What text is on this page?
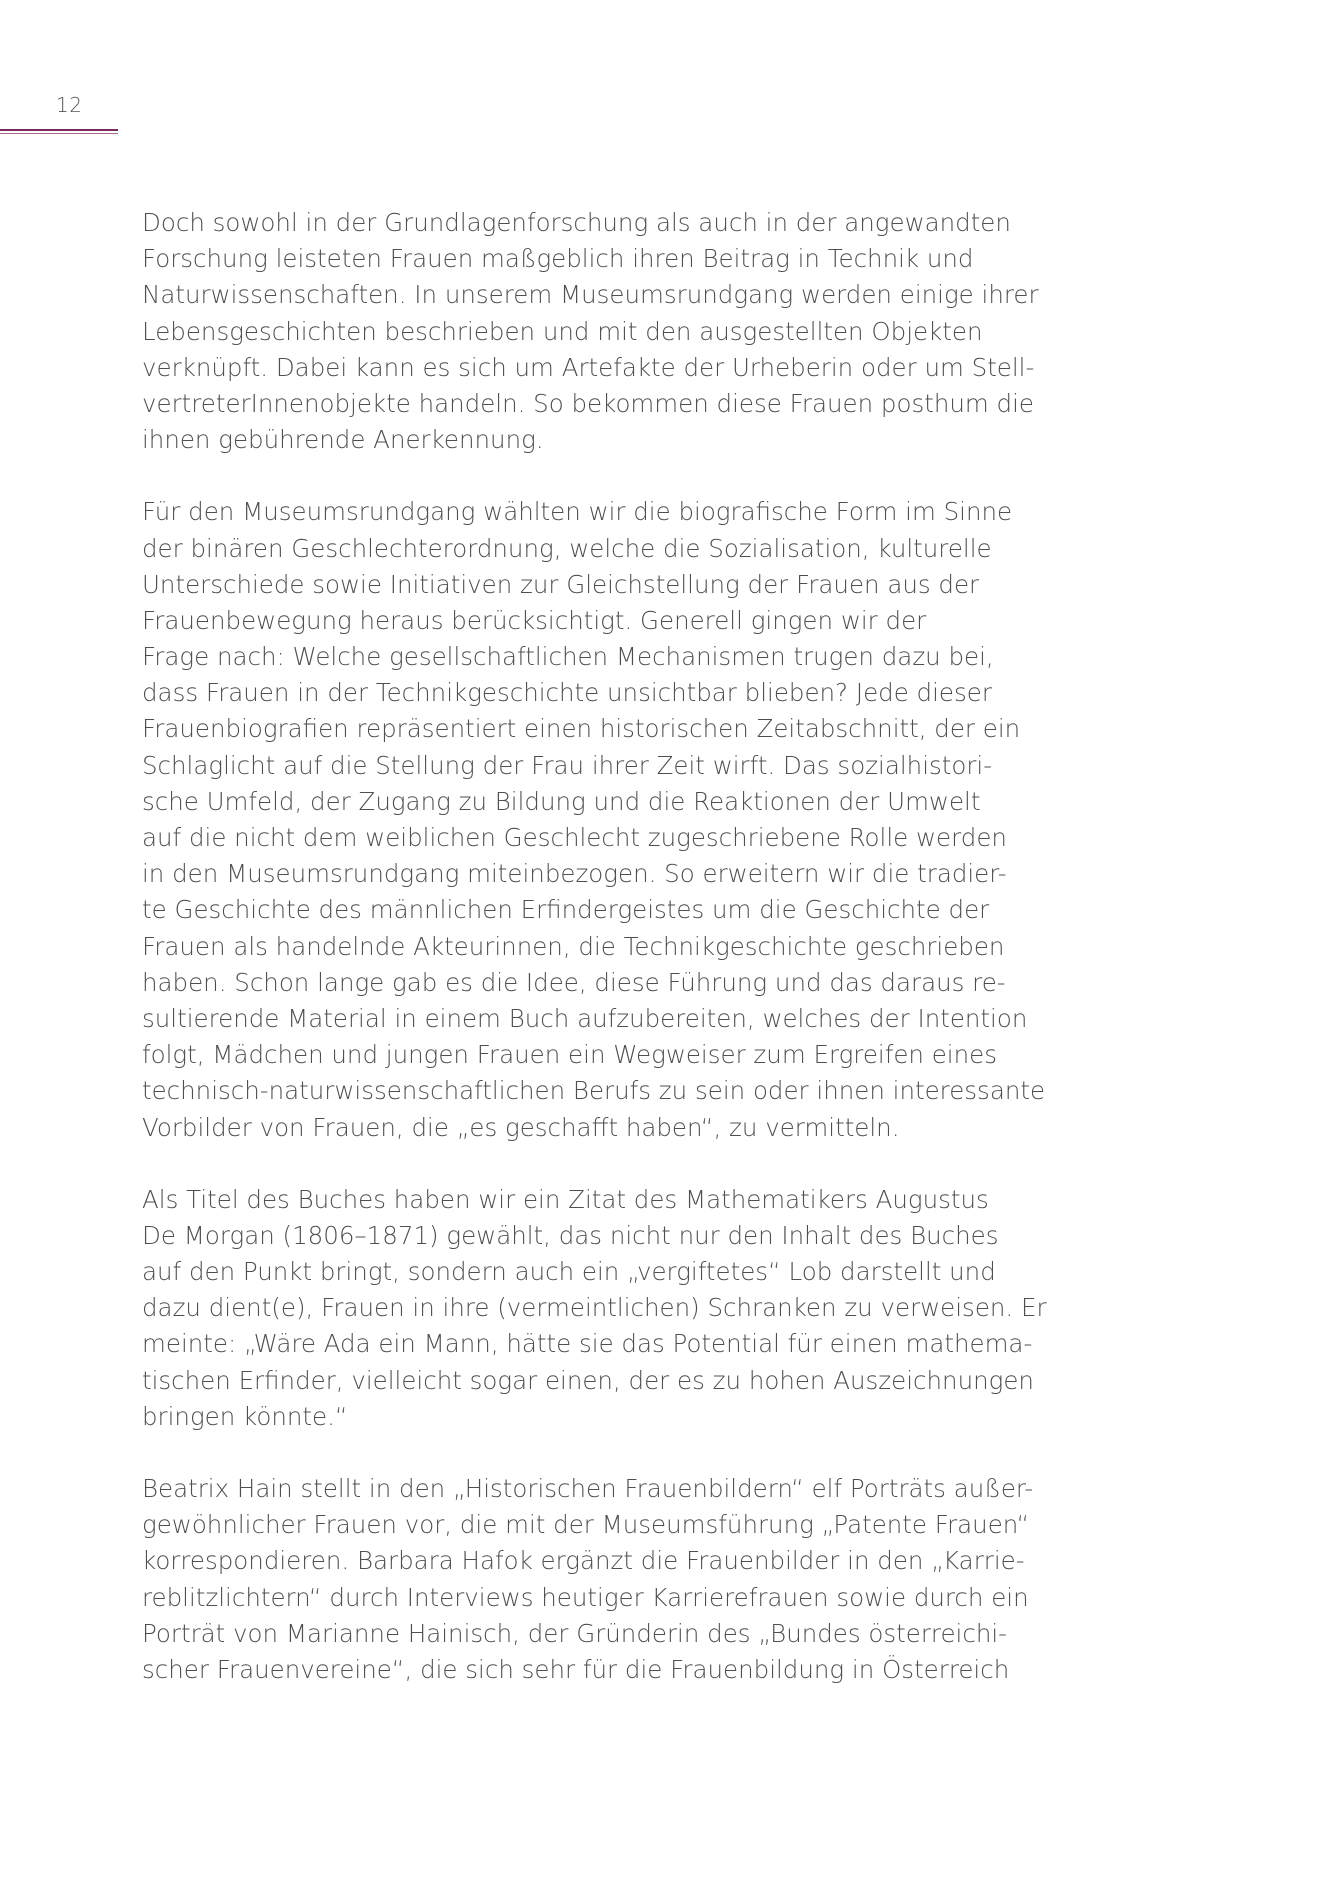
12
Doch sowohl in der Grundlagenforschung als auch in der angewandten
Forschung leisteten Frauen maßgeblich ihren Beitrag in Technik und
Naturwissenschaften. In unserem Museumsrundgang werden einige ihrer
Lebensgeschichten beschrieben und mit den ausgestellten Objekten
verknüpft. Dabei kann es sich um Artefakte der Urheberin oder um Stell-
vertreterInnenobjekte handeln. So bekommen diese Frauen posthum die
ihnen gebührende Anerkennung.
Für den Museumsrundgang wählten wir die biografische Form im Sinne
der binären Geschlechterordnung, welche die Sozialisation, kulturelle
Unterschiede sowie Initiativen zur Gleichstellung der Frauen aus der
Frauenbewegung heraus berücksichtigt. Generell gingen wir der
Frage nach: Welche gesellschaftlichen Mechanismen trugen dazu bei,
dass Frauen in der Technikgeschichte unsichtbar blieben? Jede dieser
Frauenbiografien repräsentiert einen historischen Zeitabschnitt, der ein
Schlaglicht auf die Stellung der Frau ihrer Zeit wirft. Das sozialhistori-
sche Umfeld, der Zugang zu Bildung und die Reaktionen der Umwelt
auf die nicht dem weiblichen Geschlecht zugeschriebene Rolle werden
in den Museumsrundgang miteinbezogen. So erweitern wir die tradier-
te Geschichte des männlichen Erfindergeistes um die Geschichte der
Frauen als handelnde Akteurinnen, die Technikgeschichte geschrieben
haben. Schon lange gab es die Idee, diese Führung und das daraus re-
sultierende Material in einem Buch aufzubereiten, welches der Intention
folgt, Mädchen und jungen Frauen ein Wegweiser zum Ergreifen eines
technisch-naturwissenschaftlichen Berufs zu sein oder ihnen interessante
Vorbilder von Frauen, die „es geschafft haben“, zu vermitteln.
Als Titel des Buches haben wir ein Zitat des Mathematikers Augustus
De Morgan (1806–1871) gewählt, das nicht nur den Inhalt des Buches
auf den Punkt bringt, sondern auch ein „vergiftetes“ Lob darstellt und
dazu dient(e), Frauen in ihre (vermeintlichen) Schranken zu verweisen. Er
meinte: „Wäre Ada ein Mann, hätte sie das Potential für einen mathema-
tischen Erfinder, vielleicht sogar einen, der es zu hohen Auszeichnungen
bringen könnte.“
Beatrix Hain stellt in den „Historischen Frauenbildern“ elf Porträts außer-
gewöhnlicher Frauen vor, die mit der Museumsführung „Patente Frauen“
korrespondieren. Barbara Hafok ergänzt die Frauenbilder in den „Karrie-
reblitzlichtern“ durch Interviews heutiger Karrierefrauen sowie durch ein
Porträt von Marianne Hainisch, der Gründerin des „Bundes österreichi-
scher Frauenvereine“, die sich sehr für die Frauenbildung in Österreich
